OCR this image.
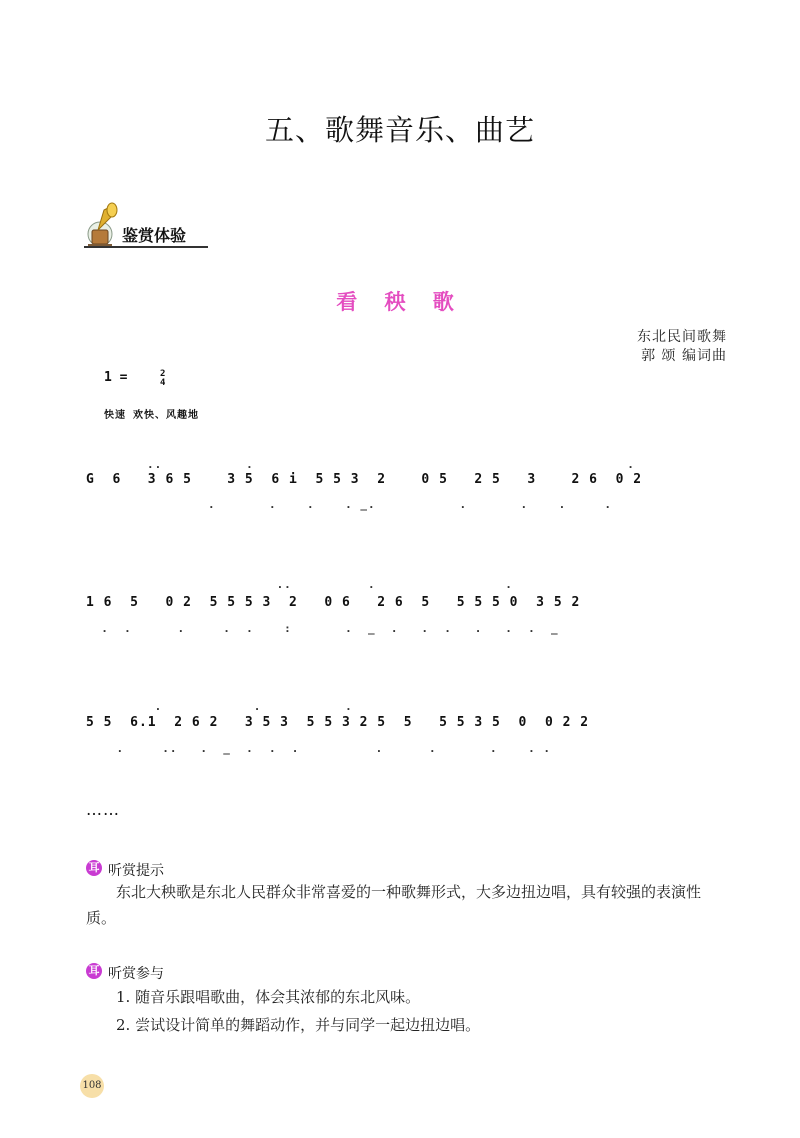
五、歌舞音乐、曲艺
鉴赏体验
看 秧 歌
东北民间歌舞
郭 颂 编词曲
1 =	2
4
快速 欢快、风趣地
..           .                                                 .
G  6   3 6 5    3 5  6 i  5 5 3  2    0 5   2 5   3    2 6  0 2
.       .    .    . _.           .       .    .     .
..          .                 .
1 6  5   0 2  5 5 5 3  2   0 6   2 6  5   5 5 5 0  3 5 2
.  .      .     .  .    :       .  _  .   .  .   .   .  .  _
.            .           .
5 5  6.1  2 6 2   3 5 3  5 5 3 2 5  5   5 5 3 5  0  0 2 2
.     ..   .  _  .  .  .          .      .       .    . .
……
耳 听赏提示
东北大秧歌是东北人民群众非常喜爱的一种歌舞形式，大多边扭边唱，具有较强的表演性质。
耳 听赏参与
1. 随音乐跟唱歌曲，体会其浓郁的东北风味。
2. 尝试设计简单的舞蹈动作，并与同学一起边扭边唱。
108
